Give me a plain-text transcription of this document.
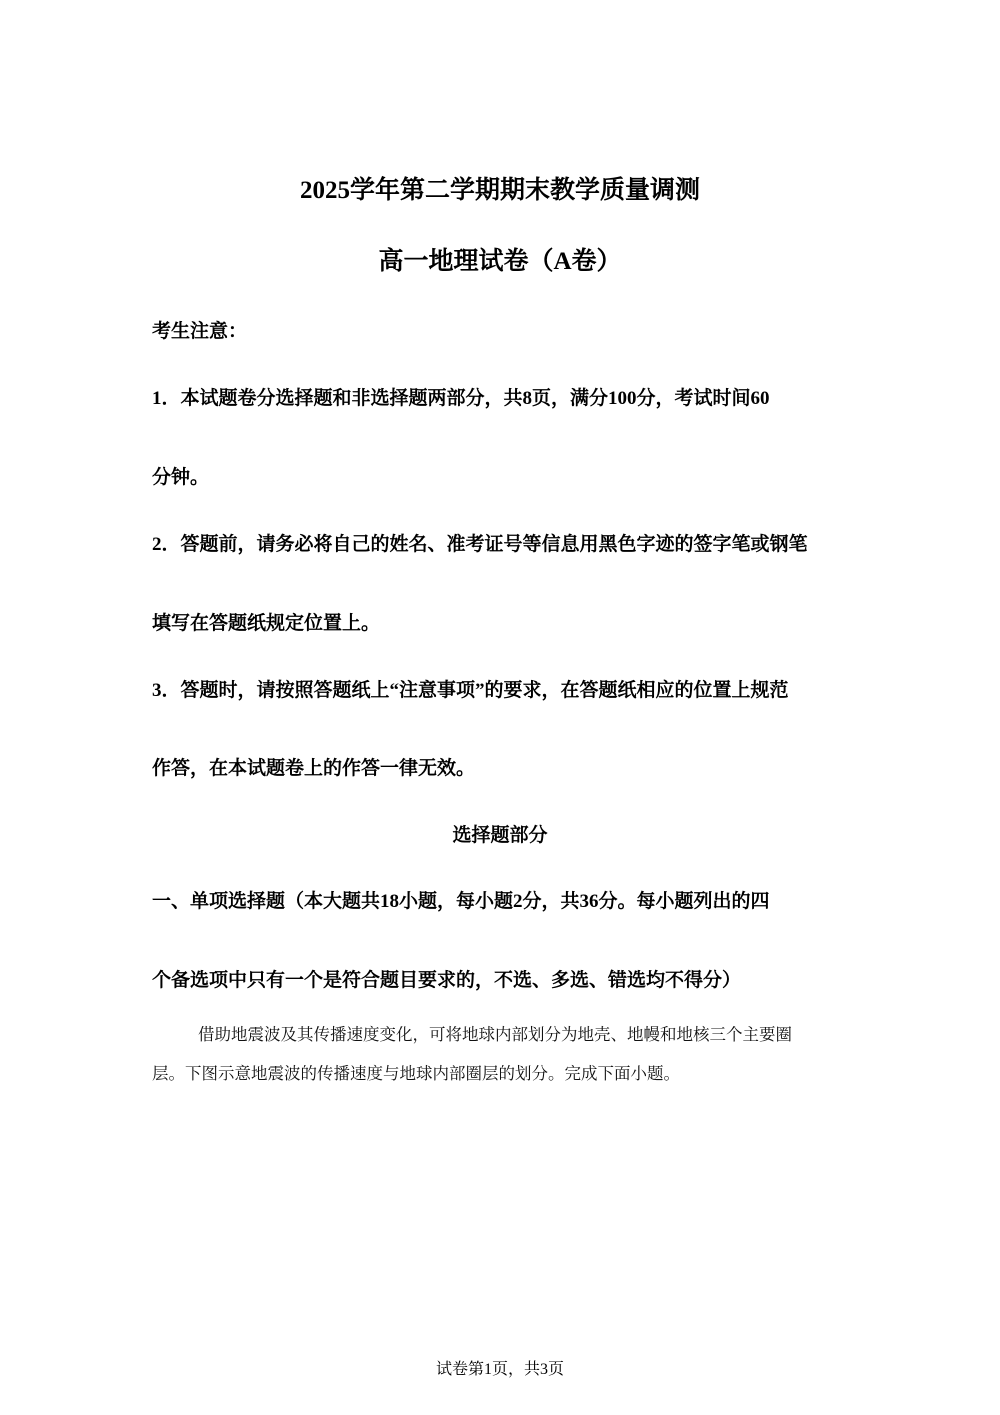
2025学年第二学期期末教学质量调测
高一地理试卷（A卷）

考生注意：

1．本试题卷分选择题和非选择题两部分，共8页，满分100分，考试时间60

分钟。

2．答题前，请务必将自己的姓名、准考证号等信息用黑色字迹的签字笔或钢笔

填写在答题纸规定位置上。

3．答题时，请按照答题纸上“注意事项”的要求，在答题纸相应的位置上规范

作答，在本试题卷上的作答一律无效。

选择题部分

一、单项选择题（本大题共18小题，每小题2分，共36分。每小题列出的四

个备选项中只有一个是符合题目要求的，不选、多选、错选均不得分）

借助地震波及其传播速度变化，可将地球内部划分为地壳、地幔和地核三个主要圈

层。下图示意地震波的传播速度与地球内部圈层的划分。完成下面小题。

试卷第1页，共3页
